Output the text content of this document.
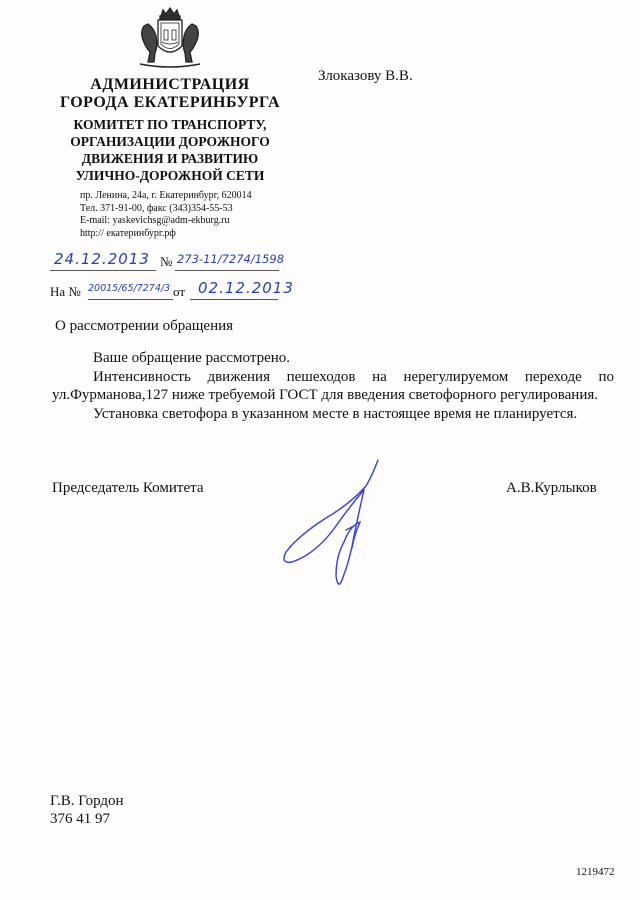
АДМИНИСТРАЦИЯ
ГОРОДА ЕКАТЕРИНБУРГА
КОМИТЕТ ПО ТРАНСПОРТУ,
ОРГАНИЗАЦИИ ДОРОЖНОГО
ДВИЖЕНИЯ И РАЗВИТИЮ
УЛИЧНО-ДОРОЖНОЙ СЕТИ
пр. Ленина, 24а, г. Екатеринбург, 620014
Тел. 371-91-00, факс (343)354-55-53
E-mail: yaskevichsg@adm-ekburg.ru
http:// екатеринбург.рф
Злоказову В.В.
24.12.2013 № 273-11/7274/1598
На № 20015/65/7274/3 от 02.12.2013
О рассмотрении обращения

Ваше обращение рассмотрено.

Интенсивность движения пешеходов на нерегулируемом переходе по ул.Фурманова,127 ниже требуемой ГОСТ для введения светофорного регулирования.

Установка светофора в указанном месте в настоящее время не планируется.

Председатель Комитета	А.В.Курлыков
Г.В. Гордон
376 41 97
1219472
